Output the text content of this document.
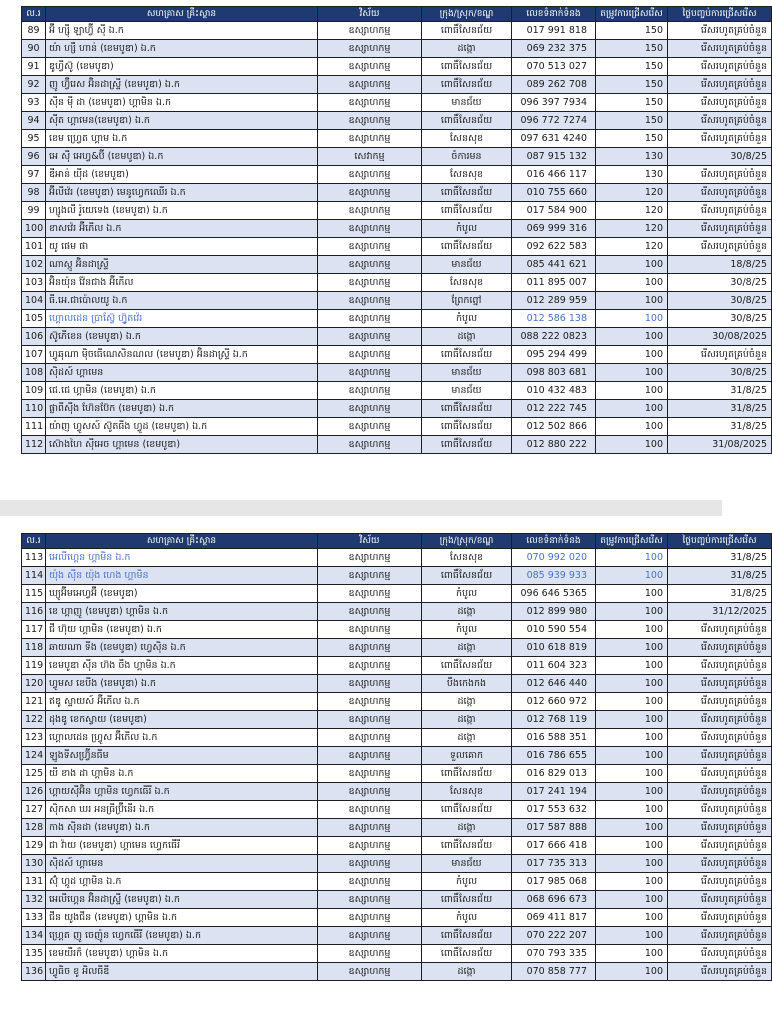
ល.រ	សហគ្រាស គ្រឹះស្ថាន	វិស័យ	ក្រុង/ស្រុក/ខណ្ឌ	លេខទំនាក់ទំនង	តម្រូវការជ្រើសរើស	ថ្ងៃបញ្ចប់ការជ្រើសរើស
89	អ៊ី ហ្ស៊ី ឡាហ្វ៊ី ស៊ី ឯ.ក	ឧស្សាហកម្ម	ពោធិ៍សែនជ័យ	017 991 818	150	រើសរហូតគ្រប់ចំនួន
90	យ៉ា ហ្សឺ ហាន់ (ខេមបូឌា) ឯ.ក	ឧស្សាហកម្ម	ដង្កោ	069 232 375	150	រើសរហូតគ្រប់ចំនួន
91	ឌូហ្វីស៊ូ (ខេមបូឌា)	ឧស្សាហកម្ម	ពោធិ៍សែនជ័យ	070 513 027	150	រើសរហូតគ្រប់ចំនួន
92	ញូ ហ្វ៊ីរេស អ៊ិនដាស្ទ្រី (ខេមបូឌា) ឯ.ក	ឧស្សាហកម្ម	ពោធិ៍សែនជ័យ	089 262 708	150	រើសរហូតគ្រប់ចំនួន
93	ស៊ីន ម៉ី ដា (ខេមបូឌា) ហ្គាមិន ឯ.ក	ឧស្សាហកម្ម	មានជ័យ	096 397 7934	150	រើសរហូតគ្រប់ចំនួន
94	ស៊ីត ហ្គាមេន(ខេមបូឌា) ឯ.ក	ឧស្សាហកម្ម	ពោធិ៍សែនជ័យ	096 772 7274	150	រើសរហូតគ្រប់ចំនួន
95	ខេម ហ្វ្រេត ហ្គាម ឯ.ក	ឧស្សាហកម្ម	សែនសុខ	097 631 4240	150	រើសរហូតគ្រប់ចំនួន
96	អេ ស៊ី អេហ្វ&ប៊ី (ខេមបូឌា) ឯ.ក	សេវាកម្ម	ចំការមន	087 915 132	130	30/8/25
97	ឌីអាន់ យ៉ីដ (ខេមបូឌា)	ឧស្សាហកម្ម	សែនសុខ	016 466 117	130	រើសរហូតគ្រប់ចំនួន
98	អ៊ីលីវ៉េរ (ខេមបូឌា) មេនូហ្វេកឈើរ ឯ.ក	ឧស្សាហកម្ម	ពោធិ៍សែនជ័យ	010 755 660	120	រើសរហូតគ្រប់ចំនួន
99	ហ្សូងលី រ៉ូយេទេង (ខេមបូឌា) ឯ.ក	ឧស្សាហកម្ម	ពោធិ៍សែនជ័យ	017 584 900	120	រើសរហូតគ្រប់ចំនួន
100	ខាសវ៉េរ អ៊ីភើល ឯ.ក	ឧស្សាហកម្ម	កំបូល	069 999 316	120	រើសរហូតគ្រប់ចំនួន
101	យូ ផេម ផា	ឧស្សាហកម្ម	ពោធិ៍សែនជ័យ	092 622 583	120	រើសរហូតគ្រប់ចំនួន
102	ណាស្កូ អ៊ិនដាស្ទ្រី	ឧស្សាហកម្ម	មានជ័យ	085 441 621	100	18/8/25
103	អ៊ិនយ៉ុន វ៉ែនជាង អ៊ីភើល	ឧស្សាហកម្ម	សែនសុខ	011 895 007	100	30/8/25
104	ធី.អេ.ជាប៉ោលយូ ឯ.ក	ឧស្សាហកម្ម	ព្រែកព្នៅ	012 289 959	100	30/8/25
105	ហ្គោលដេន ប្រាស្វ៊ែ ហ្វ៊ូតវ៉េរ	ឧស្សាហកម្ម	កំបូល	012 586 138	100	30/8/25
106	ស៊ូភើខេន (ខេមបូឌា) ឯ.ក	ឧស្សាហកម្ម	ដង្កោ	088 222 0823	100	30/08/2025
107	ហ្វូឆុណា ម៉ិចធើណេសិនណល (ខេមបូឌា) អ៊ិនដាស្ទ្រី ឯ.ក	ឧស្សាហកម្ម	ពោធិ៍សែនជ័យ	095 294 499	100	រើសរហូតគ្រប់ចំនួន
108	ស៊ិដស៍ ហ្គាមេន	ឧស្សាហកម្ម	មានជ័យ	098 803 681	100	30/8/25
109	ជេ.ជេ ហ្គាមិន (ខេមបូឌា) ឯ.ក	ឧស្សាហកម្ម	មានជ័យ	010 432 483	100	31/8/25
110	ផ្លាពីស៊ីង ហ៊ែនប៊ែក (ខេមបូឌា) ឯ.ក	ឧស្សាហកម្ម	ពោធិ៍សែនជ័យ	012 222 745	100	31/8/25
111	យ៉ាញ ហ្វូសស៍ ស៊ូតធីង ហ្វូដ (ខេមបូឌា) ឯ.ក	ឧស្សាហកម្ម	ពោធិ៍សែនជ័យ	012 502 866	100	31/8/25
112	ស៊ោងហៃ ស៊ីអេច ហ្គាមេន (ខេមបូឌា)	ឧស្សាហកម្ម	ពោធិ៍សែនជ័យ	012 880 222	100	31/08/2025
ល.រ	សហគ្រាស គ្រឹះស្ថាន	វិស័យ	ក្រុង/ស្រុក/ខណ្ឌ	លេខទំនាក់ទំនង	តម្រូវការជ្រើសរើស	ថ្ងៃបញ្ចប់ការជ្រើសរើស
113	អេលីហ្គេន ហ្គាមិន ឯ.ក	ឧស្សាហកម្ម	សែនសុខ	070 992 020	100	31/8/25
114	យ៉ុង ស៊ីន យ៉ុង ហេង ហ្គាមិន	ឧស្សាហកម្ម	ពោធិ៍សែនជ័យ	085 939 933	100	31/8/25
115	ឃ្យូអ៊ីមអេហ្វអ៊ី (ខេមបូឌា)	ឧស្សាហកម្ម	កំបូល	096 646 5365	100	31/8/25
116	ខេ ហ្គាញូ (ខេមបូឌា) ហ្គាមិន ឯ.ក	ឧស្សាហកម្ម	ដង្កោ	012 899 980	100	31/12/2025
117	ជី ហ៊ុយ ហ្គាមិន (ខេមបូឌា) ឯ.ក	ឧស្សាហកម្ម	កំបូល	010 590 554	100	រើសរហូតគ្រប់ចំនួន
118	ឆាយណា ទីង (ខេមបូឌា) ហ្វេស៊ិន ឯ.ក	ឧស្សាហកម្ម	ដង្កោ	010 618 819	100	រើសរហូតគ្រប់ចំនួន
119	ខេមបូឌា ស៊ីន ហ៊ង ចឹង ហ្គាមិន ឯ.ក	ឧស្សាហកម្ម	ពោធិ៍សែនជ័យ	011 604 323	100	រើសរហូតគ្រប់ចំនួន
120	ហ្វូមស ខេបីង (ខេមបូឌា) ឯ.ក	ឧស្សាហកម្ម	បឹងកេងកង	012 646 440	100	រើសរហូតគ្រប់ចំនួន
121	ឥឌូ ស្ទាយស៍ អ៊ីភើល ឯ.ក	ឧស្សាហកម្ម	ដង្កោ	012 660 972	100	រើសរហូតគ្រប់ចំនួន
122	ដុងឌូ ខេកស្វាយ (ខេមបូឌា)	ឧស្សាហកម្ម	ដង្កោ	012 768 119	100	រើសរហូតគ្រប់ចំនួន
123	ហ្គោលដេន ហ្វ្រូស អ៊ីភើល ឯ.ក	ឧស្សាហកម្ម	ដង្កោ	016 588 351	100	រើសរហូតគ្រប់ចំនួន
124	ឡូងទីសហ្វ្រ៊ីនធីម	ឧស្សាហកម្ម	ទួលគោក	016 786 655	100	រើសរហូតគ្រប់ចំនួន
125	យី ខាង ដា ហ្គាមិន ឯ.ក	ឧស្សាហកម្ម	ពោធិ៍សែនជ័យ	016 829 013	100	រើសរហូតគ្រប់ចំនួន
126	ហ្គាយស៊ីអ៊ិន ហ្គាមិន ហ្វេកធើរី ឯ.ក	ឧស្សាហកម្ម	សែនសុខ	017 241 194	100	រើសរហូតគ្រប់ចំនួន
127	ស៊ិកសា ឃរ អនធ្រីប្រ៊ីនើរ ឯ.ក	ឧស្សាហកម្ម	ពោធិ៍សែនជ័យ	017 553 632	100	រើសរហូតគ្រប់ចំនួន
128	កាង ស៊ិនដា (ខេមបូឌា) ឯ.ក	ឧស្សាហកម្ម	ដង្កោ	017 587 888	100	រើសរហូតគ្រប់ចំនួន
129	ជា វ៉ាយ (ខេមបូឌា) ហ្គាមេន ហ្វេកធើរី	ឧស្សាហកម្ម	ពោធិ៍សែនជ័យ	017 666 418	100	រើសរហូតគ្រប់ចំនួន
130	ស៊ិដស៍ ហ្គាមេន	ឧស្សាហកម្ម	មានជ័យ	017 735 313	100	រើសរហូតគ្រប់ចំនួន
131	ស៊ុំ ហ្គូដ ហ្គាមិន ឯ.ក	ឧស្សាហកម្ម	កំបូល	017 985 068	100	រើសរហូតគ្រប់ចំនួន
132	អេលីហ្គេន អ៊ិនដាស្ទ្រី (ខេមបូឌា) ឯ.ក	ឧស្សាហកម្ម	ពោធិ៍សែនជ័យ	068 696 673	100	រើសរហូតគ្រប់ចំនួន
133	ជីន យូងជីន (ខេមបូឌា) ហ្គាមិន ឯ.ក	ឧស្សាហកម្ម	កំបូល	069 411 817	100	រើសរហូតគ្រប់ចំនួន
134	ហ្គ្រេត ញូ ចេញ៉ូន ហ្វេកធើរី (ខេមបូឌា) ឯ.ក	ឧស្សាហកម្ម	ពោធិ៍សែនជ័យ	070 222 207	100	រើសរហូតគ្រប់ចំនួន
135	ខេមយឺរក៏ (ខេមបូឌា) ហ្គាមិន ឯ.ក	ឧស្សាហកម្ម	ពោធិ៍សែនជ័យ	070 793 335	100	រើសរហូតគ្រប់ចំនួន
136	ហ្វូធិច ខូ អិលធីឌី	ឧស្សាហកម្ម	ដង្កោ	070 858 777	100	រើសរហូតគ្រប់ចំនួន
